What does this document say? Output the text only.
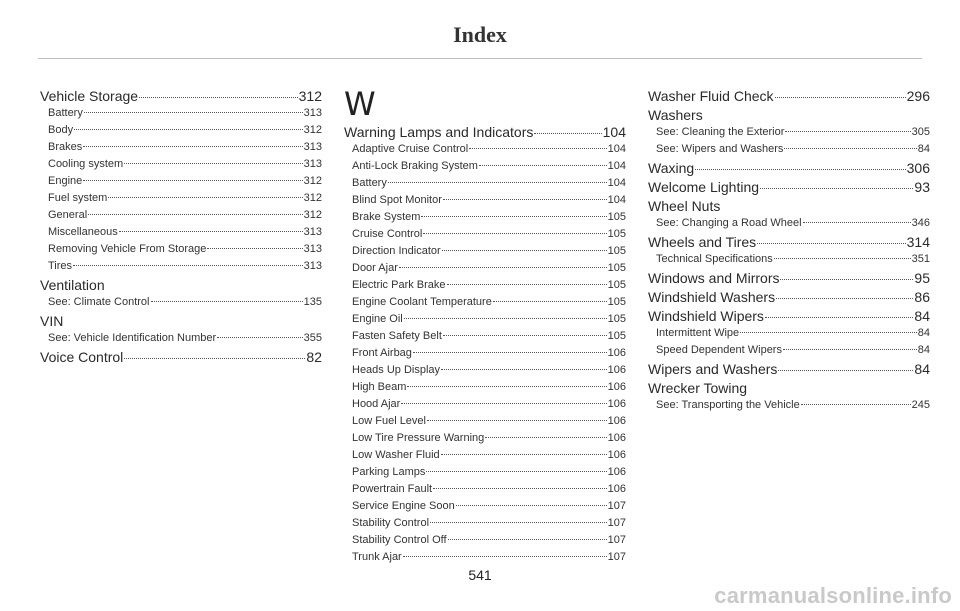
Index
Vehicle Storage	312
Battery	313
Body	312
Brakes	313
Cooling system	313
Engine	312
Fuel system	312
General	312
Miscellaneous	313
Removing Vehicle From Storage	313
Tires	313
Ventilation
See: Climate Control	135
VIN
See: Vehicle Identification Number	355
Voice Control	82
W
Warning Lamps and Indicators	104
Adaptive Cruise Control	104
Anti-Lock Braking System	104
Battery	104
Blind Spot Monitor	104
Brake System	105
Cruise Control	105
Direction Indicator	105
Door Ajar	105
Electric Park Brake	105
Engine Coolant Temperature	105
Engine Oil	105
Fasten Safety Belt	105
Front Airbag	106
Heads Up Display	106
High Beam	106
Hood Ajar	106
Low Fuel Level	106
Low Tire Pressure Warning	106
Low Washer Fluid	106
Parking Lamps	106
Powertrain Fault	106
Service Engine Soon	107
Stability Control	107
Stability Control Off	107
Trunk Ajar	107
Washer Fluid Check	296
Washers
See: Cleaning the Exterior	305
See: Wipers and Washers	84
Waxing	306
Welcome Lighting	93
Wheel Nuts
See: Changing a Road Wheel	346
Wheels and Tires	314
Technical Specifications	351
Windows and Mirrors	95
Windshield Washers	86
Windshield Wipers	84
Intermittent Wipe	84
Speed Dependent Wipers	84
Wipers and Washers	84
Wrecker Towing
See: Transporting the Vehicle	245
541
carmanualsonline.info
